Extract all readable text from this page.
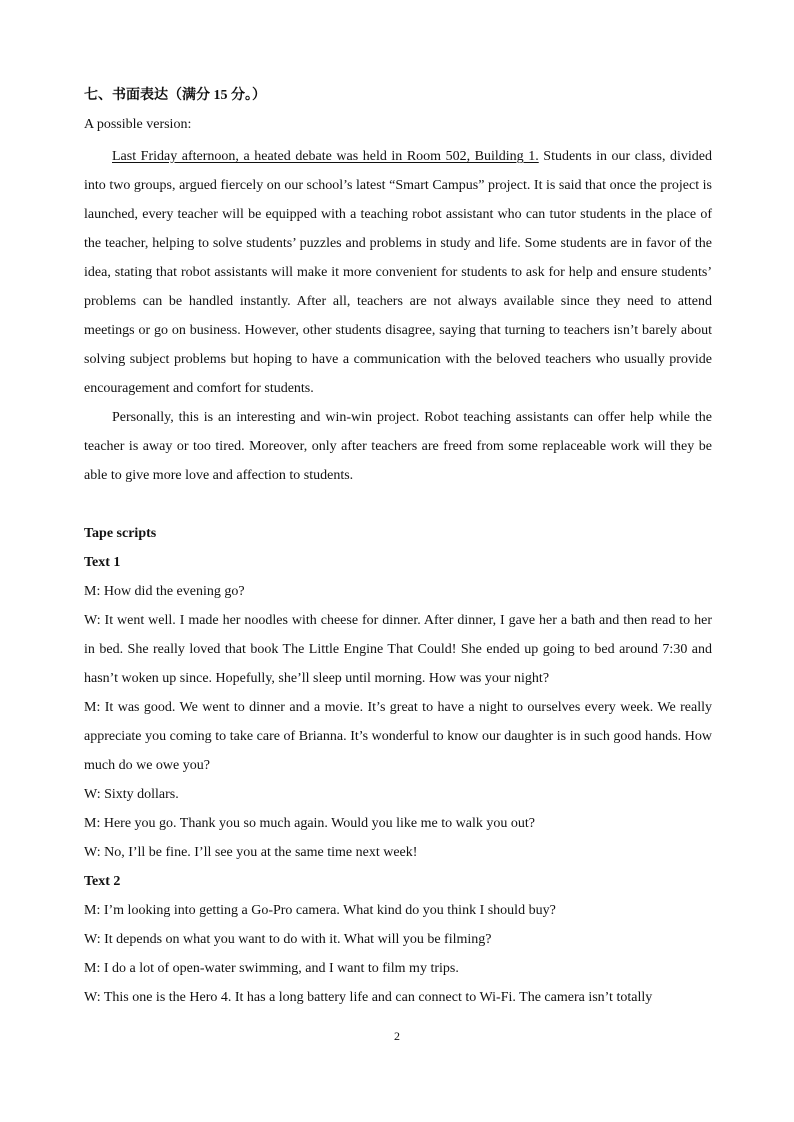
七、书面表达（满分 15 分。）
A possible version:

Last Friday afternoon, a heated debate was held in Room 502, Building 1. Students in our class, divided into two groups, argued fiercely on our school’s latest “Smart Campus” project. It is said that once the project is launched, every teacher will be equipped with a teaching robot assistant who can tutor students in the place of the teacher, helping to solve students’ puzzles and problems in study and life. Some students are in favor of the idea, stating that robot assistants will make it more convenient for students to ask for help and ensure students’ problems can be handled instantly. After all, teachers are not always available since they need to attend meetings or go on business. However, other students disagree, saying that turning to teachers isn’t barely about solving subject problems but hoping to have a communication with the beloved teachers who usually provide encouragement and comfort for students.

Personally, this is an interesting and win-win project. Robot teaching assistants can offer help while the teacher is away or too tired. Moreover, only after teachers are freed from some replaceable work will they be able to give more love and affection to students.

Tape scripts
Text 1
M: How did the evening go?
W: It went well. I made her noodles with cheese for dinner. After dinner, I gave her a bath and then read to her in bed. She really loved that book The Little Engine That Could! She ended up going to bed around 7:30 and hasn’t woken up since. Hopefully, she’ll sleep until morning. How was your night?
M: It was good. We went to dinner and a movie. It’s great to have a night to ourselves every week. We really appreciate you coming to take care of Brianna. It’s wonderful to know our daughter is in such good hands. How much do we owe you?
W: Sixty dollars.
M: Here you go. Thank you so much again. Would you like me to walk you out?
W: No, I’ll be fine. I’ll see you at the same time next week!
Text 2
M: I’m looking into getting a Go-Pro camera. What kind do you think I should buy?
W: It depends on what you want to do with it. What will you be filming?
M: I do a lot of open-water swimming, and I want to film my trips.
W: This one is the Hero 4. It has a long battery life and can connect to Wi-Fi. The camera isn’t totally
2
